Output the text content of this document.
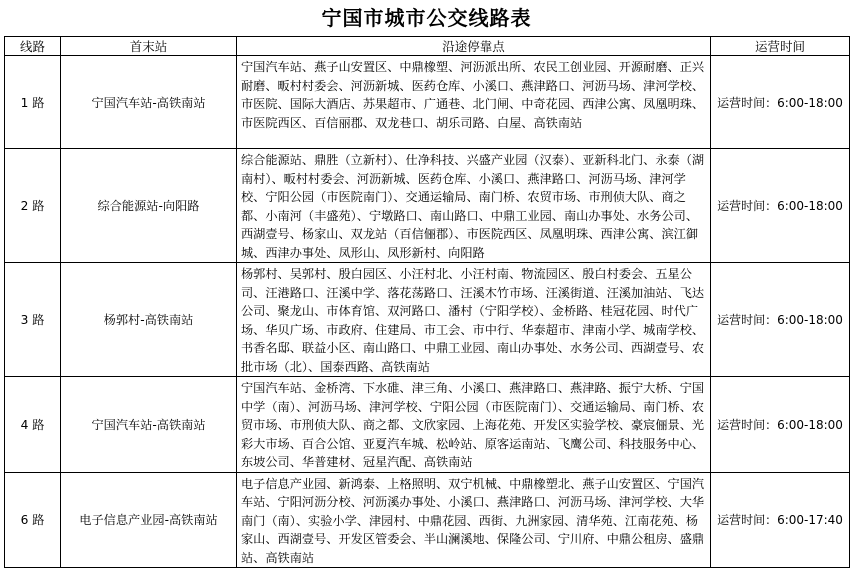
宁国市城市公交线路表
线路	首末站	沿途停靠点	运营时间
1 路	宁国汽车站-高铁南站	宁国汽车站、燕子山安置区、中鼎橡塑、河沥派出所、农民工创业园、开源耐磨、正兴耐磨、畈村村委会、河沥新城、医药仓库、小溪口、燕津路口、河沥马场、津河学校、市医院、国际大酒店、苏果超市、广通巷、北门闸、中奇花园、西津公寓、凤凰明珠、市医院西区、百信丽郡、双龙巷口、胡乐司路、白屋、高铁南站	运营时间：6:00-18:00
2 路	综合能源站-向阳路	综合能源站、鼎胜（立新村）、仕净科技、兴盛产业园（汉泰）、亚新科北门、永泰（湖南村）、畈村村委会、河沥新城、医药仓库、小溪口、燕津路口、河沥马场、津河学校、宁阳公园（市医院南门）、交通运输局、南门桥、农贸市场、市刑侦大队、商之都、小南河（丰盛苑）、宁墩路口、南山路口、中鼎工业园、南山办事处、水务公司、西湖壹号、杨家山、双龙站（百信俪郡）、市医院西区、凤凰明珠、西津公寓、滨江御城、西津办事处、凤形山、凤形新村、向阳路	运营时间：6:00-18:00
3 路	杨郭村-高铁南站	杨郭村、吴郭村、殷白园区、小汪村北、小汪村南、物流园区、殷白村委会、五星公司、汪港路口、汪溪中学、落花荡路口、汪溪木竹市场、汪溪街道、汪溪加油站、飞达公司、聚龙山、市体育馆、双河路口、潘村（宁阳学校）、金桥路、桂冠花园、时代广场、华贝广场、市政府、住建局、市工会、市中行、华泰超市、津南小学、城南学校、书香名邸、联益小区、南山路口、中鼎工业园、南山办事处、水务公司、西湖壹号、农批市场（北）、国泰西路、高铁南站	运营时间：6:00-18:00
4 路	宁国汽车站-高铁南站	宁国汽车站、金桥湾、下水碓、津三角、小溪口、燕津路口、燕津路、振宁大桥、宁国中学（南）、河沥马场、津河学校、宁阳公园（市医院南门）、交通运输局、南门桥、农贸市场、市刑侦大队、商之都、文欣家园、上海花苑、开发区实验学校、豪宸俪景、光彩大市场、百合公馆、亚夏汽车城、松岭站、原客运南站、飞鹰公司、科技服务中心、东坡公司、华普建材、冠星汽配、高铁南站	运营时间：6:00-18:00
6 路	电子信息产业园-高铁南站	电子信息产业园、新鸿泰、上格照明、双宁机械、中鼎橡塑北、燕子山安置区、宁国汽车站、宁阳河沥分校、河沥溪办事处、小溪口、燕津路口、河沥马场、津河学校、大华南门（南）、实验小学、津园村、中鼎花园、西街、九洲家园、清华苑、江南花苑、杨家山、西湖壹号、开发区管委会、半山澜溪地、保隆公司、宁川府、中鼎公租房、盛鼎站、高铁南站	运营时间：6:00-17:40
